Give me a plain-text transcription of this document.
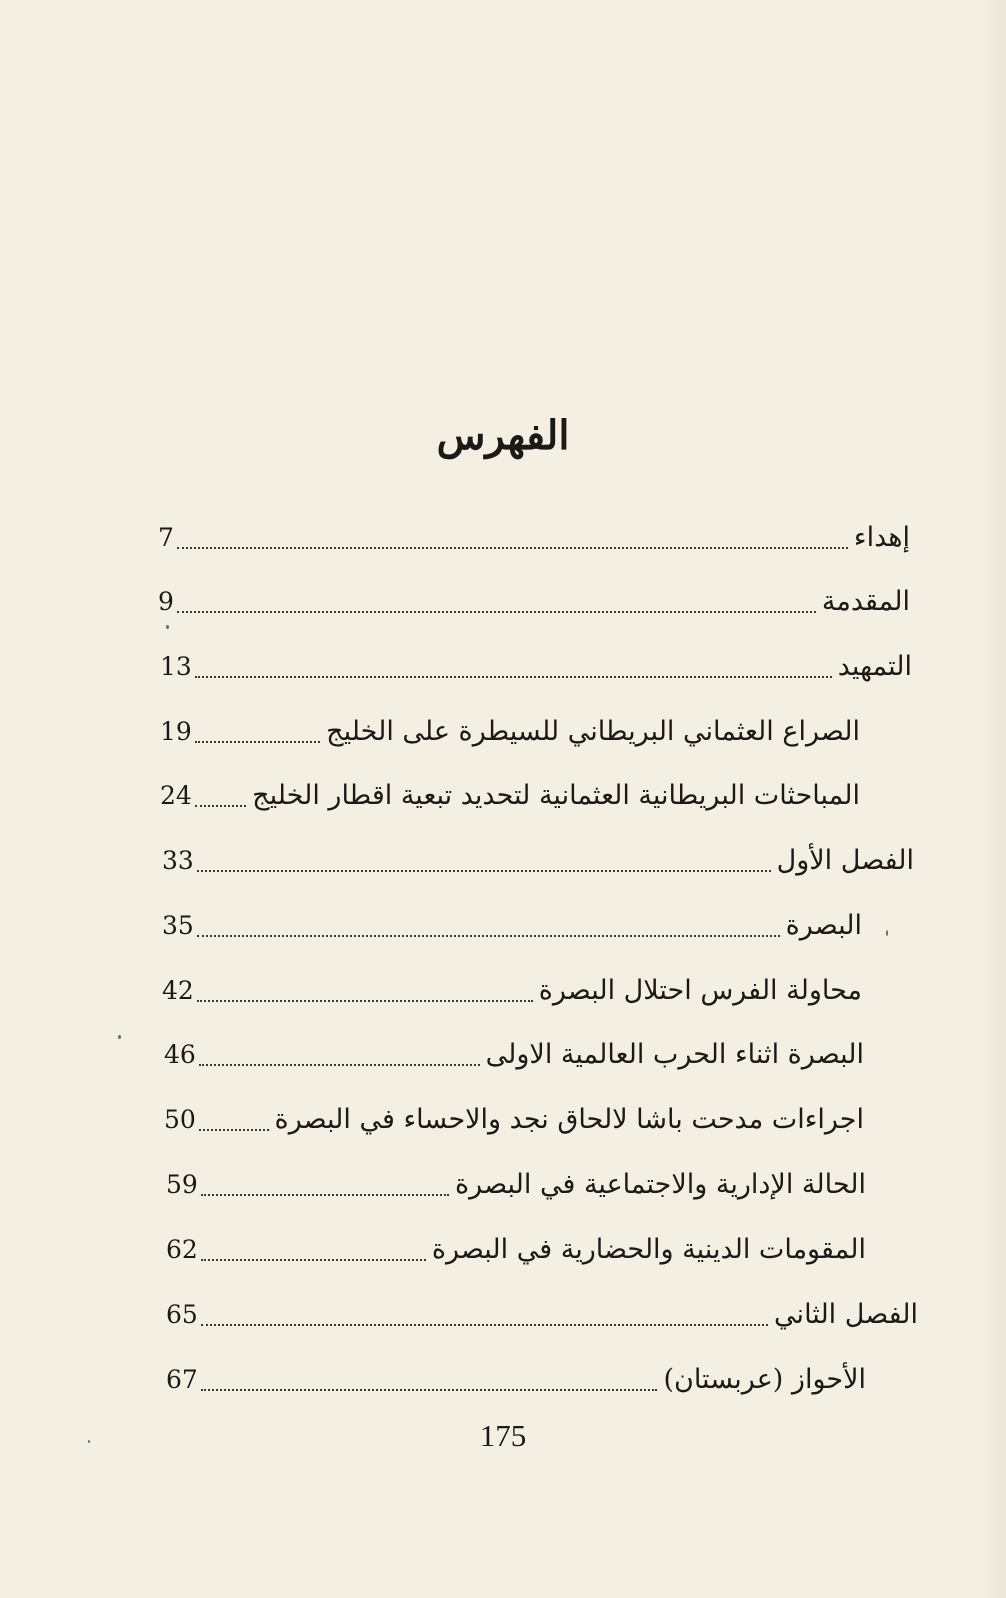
الفهرس
إهداء
7
المقدمة
9
التمهيد
13
الصراع العثماني البريطاني للسيطرة على الخليج
19
المباحثات البريطانية العثمانية لتحديد تبعية اقطار الخليج
24
الفصل الأول
33
البصرة
35
محاولة الفرس احتلال البصرة
42
البصرة اثناء الحرب العالمية الاولى
46
اجراءات مدحت باشا لالحاق نجد والاحساء في البصرة
50
الحالة الإدارية والاجتماعية في البصرة
59
المقومات الدينية والحضارية في البصرة
62
الفصل الثاني
65
الأحواز (عربستان)
67
175
